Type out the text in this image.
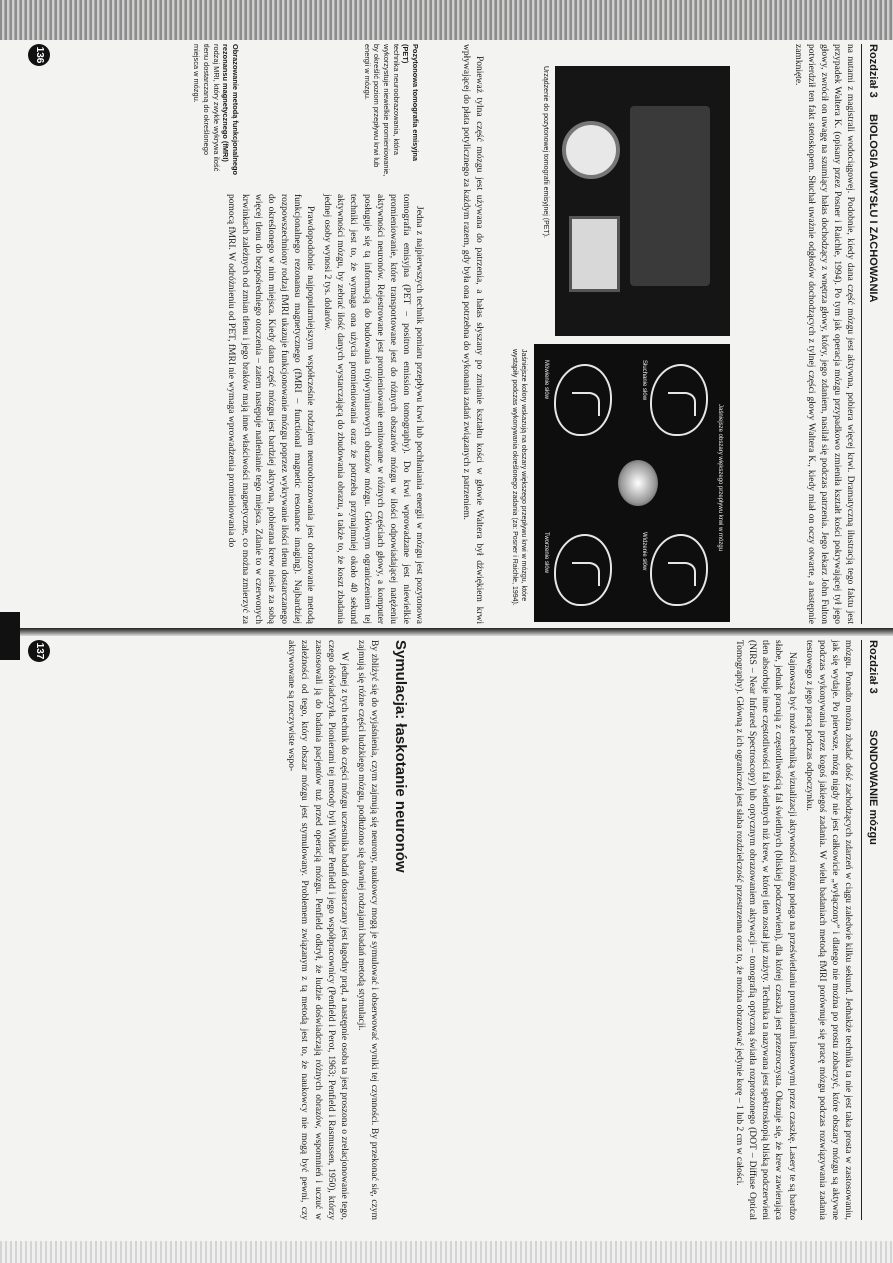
Rozdział 3
BIOLOGIA UMYSŁU I ZACHOWANIA

na nutami z magistrali wodociągowej. Podobnie, kiedy dana część mózgu jest aktywna, pobiera więcej krwi. Dramatyczną ilustracją tego faktu jest przypadek Waltera K. (opisany przez Posner i Raichle, 1994). Po tym jak operacja mózgu przypadkowo zmieniła kształt kości pokrywającej tył jego głowy, zwrócił on uwagę na szumiący hałas dochodzący z wnętrza głowy, który, jego zdaniem, nasilał się podczas patrzenia. Jego lekarz John Fulton potwierdził ten fakt stetoskopem. Słuchał uważnie odgłosów dochodzących z tylnej części głowy Waltera K., kiedy miał on oczy otwarte, a następnie zamknięte.

Urządzenie do pozytonowej tomografii emisyjnej (PET).
Jaśniejsze obszary większego przepływu krwi w mózgu
Słuchanie słów
Widzenie słów
Mówienie słów
Tworzenie słów
Jaśniejsze kolory wskazują na obszary większego przepływu krwi w mózgu, które wystąpiły podczas wykonywania określonego zadania (za: Posner i Raichle, 1994).

Ponieważ tylna część mózgu jest używana do patrzenia, a hałas słyszany po zmianie kształtu kości w głowie Waltera był dźwiękiem krwi wpływającej do płata potylicznego za każdym razem, gdy była ona potrzebna do wykonania zadań związanych z patrzeniem.

Jedna z najpierwszych technik pomiaru przepływu krwi lub pochłaniania energii w mózgu jest pozytonowa tomografia emisyjna (PET – positron emission tomography). Do krwi wprowadzane jest niewielkie promieniowanie, które transportowane jest do różnych obszarów mózgu w ilości odpowiadającej natężeniu aktywności neuronów. Rejestrowane jest promieniowanie emitowane w różnych częściach głowy, a komputer posługuje się tą informacją do budowania trójwymiarowych obrazów mózgu. Głównym ograniczeniem tej techniki jest to, że wymaga ona użycia promieniowania oraz że potrzeba przynajmniej około 40 sekund aktywności mózgu, by zebrać ilość danych wystarczającą do zbudowania obrazu, a także to, że koszt zbadania jednej osoby wynosi 2 tys. dolarów.

Prawdopodobnie najpopularniejszym współcześnie rodzajem neuroobrazowania jest obrazowanie metodą funkcjonalnego rezonansu magnetycznego (fMRI – functional magnetic resonance imaging). Najbardziej rozpowszechniony rodzaj fMRI ukazuje funkcjonowanie mózgu poprzez wykrywanie ilości tlenu dostarczanego do określonego w nim miejsca. Kiedy dana część mózgu jest bardziej aktywna, pobierana krew niesie za sobą więcej tlenu do bezpośredniego otoczenia – zatem następuje natlenianie tego miejsca. Zdanie to w czerwonych krwinkach zależnych od zmian tlenu i jego braków mają inne właściwości magnetyczne, co można zmierzyć za pomocą fMRI. W odróżnieniu od PET, fMRI nie wymaga wprowadzenia promieniowania do

Pozytonowa tomografia emisyjna (PET)
technika neuroobrazowania, która wykorzystuje niewielkie promieniowanie, by określić poziom przepływu krwi lub energii w mózgu.
Obrazowanie metodą funkcjonalnego rezonansu magnetycznego (fMRI)
rodzaj MRI, który zwykle wykrywa ilość tlenu dostarczaną do określonego miejsca w mózgu.
136
Rozdział 3
SONDOWANIE mózgu

mózgu. Ponadto można zbadać dość zachodzących zdarzeń w ciągu zaledwie kilku sekund. Jednakże technika ta nie jest taka prosta w zastosowaniu, jak się wydaje. Po pierwsze, mózg nigdy nie jest całkowicie „wyłączony” i dlatego nie można po prostu zobaczyć, które obszary mózgu są aktywne podczas wykonywania przez kogoś jakiegoś zadania. W wielu badaniach metodą fMRI porównuje się pracę mózgu podczas rozwiązywania zadania testowego z jego pracą podczas odpoczynku.

Najnowszą być może techniką wizualizacji aktywności mózgu polega na prześwietlaniu promieniami laserowymi przez czaszkę. Lasery te są bardzo słabe, jednak pracują z częstotliwością fal świetlnych (bliskiej podczerwieni), dla której czaszka jest przezroczysta. Okazuje się, że krew zawierająca tlen absorbuje inne częstotliwości fal świetlnych niż krew, w której tlen został już zużyty. Technika ta nazywana jest spektroskopią bliską podczerwieni (NIRS – Near Infrared Spectroscopy) lub optycznym obrazowaniem aktywacji – tomografią optyczną światła rozproszonego (DOT – Diffuse Optical Tomography). Główną z ich ograniczeń jest słaba rozdzielczość przestrzenna oraz to, że można obrazować jedynie korę – 1 lub 2 cm w całości.

Symulacja: łaskotanie neuronów

By zbliżyć się do wyjaśnienia, czym zajmują się neurony, naukowcy mogą je symulować i obserwować wyniki tej czynności. By przekonać się, czym zajmują się różne części ludzkiego mózgu, podłużono się dawniej rodzajami badań metodą stymulacji.

W jednej z tych technik do części mózgu uczestnika badań dostarczany jest łagodny prąd, a następnie osoba ta jest proszona o zrelacjonowanie tego, czego doświadczyła. Pionierami tej metody byli Wilder Penfield i jego współpracownicy (Penfield i Perot, 1963; Penfield i Rasmussen, 1950), którzy zastosowali ją do badania pacjentów tuż przed operacją mózgu. Penfield odkrył, że ludzie doświadczają różnych obrazów, wspomnień i uczuć w zależności od tego, który obszar mózgu jest stymulowany. Problemem związanym z tą metodą jest to, że naukowcy nie mogą być pewni, czy aktywowane są rzeczywiste wspo-

137
